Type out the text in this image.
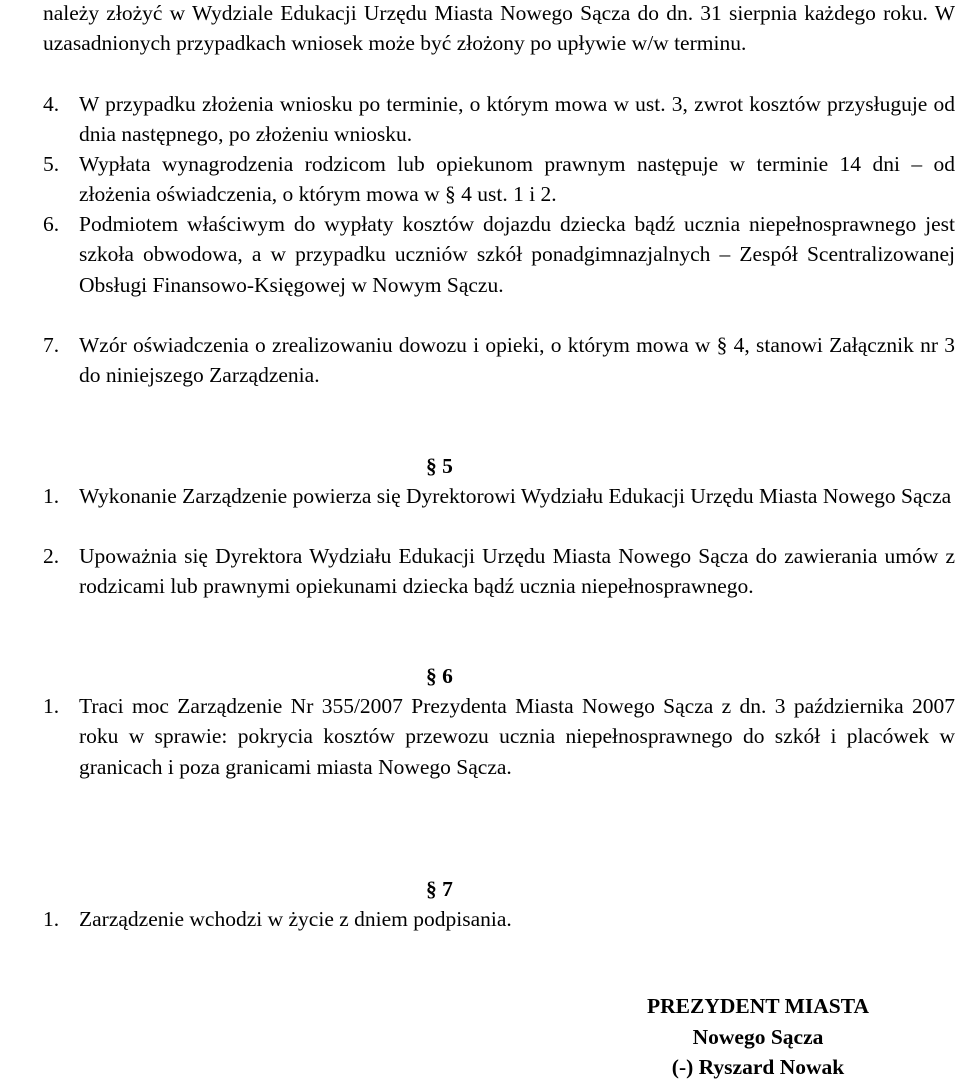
należy złożyć w Wydziale Edukacji Urzędu Miasta Nowego Sącza do dn. 31 sierpnia każdego roku. W uzasadnionych przypadkach wniosek może być złożony po upływie w/w terminu.
4. W przypadku złożenia wniosku po terminie, o którym mowa w ust. 3, zwrot kosztów przysługuje od dnia następnego, po złożeniu wniosku.
5. Wypłata wynagrodzenia rodzicom lub opiekunom prawnym następuje w terminie 14 dni – od złożenia oświadczenia, o którym mowa w § 4 ust. 1 i 2.
6. Podmiotem właściwym do wypłaty kosztów dojazdu dziecka bądź ucznia niepełnosprawnego jest szkoła obwodowa, a w przypadku uczniów szkół ponadgimnazjalnych – Zespół Scentralizowanej Obsługi Finansowo-Księgowej w Nowym Sączu.
7. Wzór oświadczenia o zrealizowaniu dowozu i opieki, o którym mowa w § 4, stanowi Załącznik nr 3 do niniejszego Zarządzenia.
§ 5
1. Wykonanie Zarządzenie powierza się Dyrektorowi Wydziału Edukacji Urzędu Miasta Nowego Sącza
2. Upoważnia się Dyrektora Wydziału Edukacji Urzędu Miasta Nowego Sącza do zawierania umów z rodzicami lub prawnymi opiekunami dziecka bądź ucznia niepełnosprawnego.
§ 6
1. Traci moc Zarządzenie Nr 355/2007 Prezydenta Miasta Nowego Sącza z dn. 3 października 2007 roku w sprawie: pokrycia kosztów przewozu ucznia niepełnosprawnego do szkół i placówek w granicach i poza granicami miasta Nowego Sącza.
§ 7
1. Zarządzenie wchodzi w życie z dniem podpisania.
PREZYDENT MIASTA
Nowego Sącza
(-) Ryszard Nowak
